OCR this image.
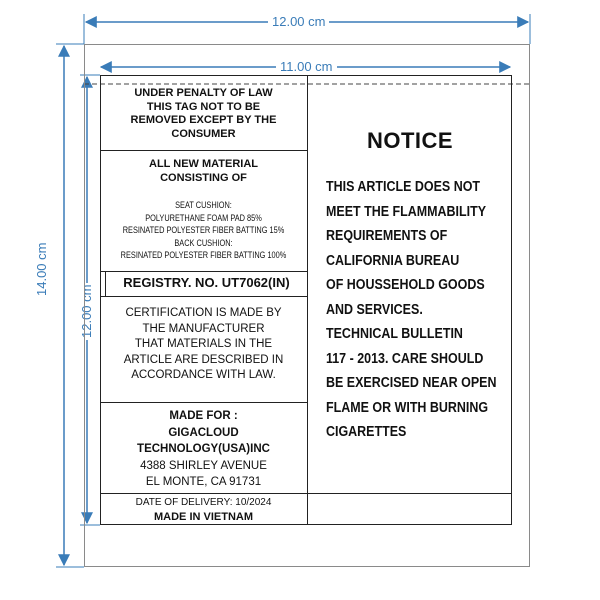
12.00 cm
11.00 cm
14.00 cm
12.00 cm
UNDER PENALTY OF LAW
THIS TAG NOT TO BE
REMOVED EXCEPT BY THE
CONSUMER
ALL NEW MATERIAL
CONSISTING OF
SEAT CUSHION:
POLYURETHANE FOAM PAD 85%
RESINATED POLYESTER FIBER BATTING 15%
BACK CUSHION:
RESINATED POLYESTER FIBER BATTING 100%
REGISTRY. NO. UT7062(IN)
CERTIFICATION IS MADE BY
THE MANUFACTURER
THAT MATERIALS IN THE
ARTICLE ARE DESCRIBED IN
ACCORDANCE WITH LAW.
MADE FOR :
GIGACLOUD
TECHNOLOGY(USA)INC
4388 SHIRLEY AVENUE
EL MONTE, CA 91731
DATE OF DELIVERY: 10/2024
MADE IN VIETNAM
NOTICE
THIS ARTICLE DOES NOT
MEET THE FLAMMABILITY
REQUIREMENTS OF
CALIFORNIA BUREAU
OF HOUSSEHOLD GOODS
AND SERVICES.
TECHNICAL BULLETIN
117 - 2013. CARE SHOULD
BE EXERCISED NEAR OPEN
FLAME OR WITH BURNING
CIGARETTES
